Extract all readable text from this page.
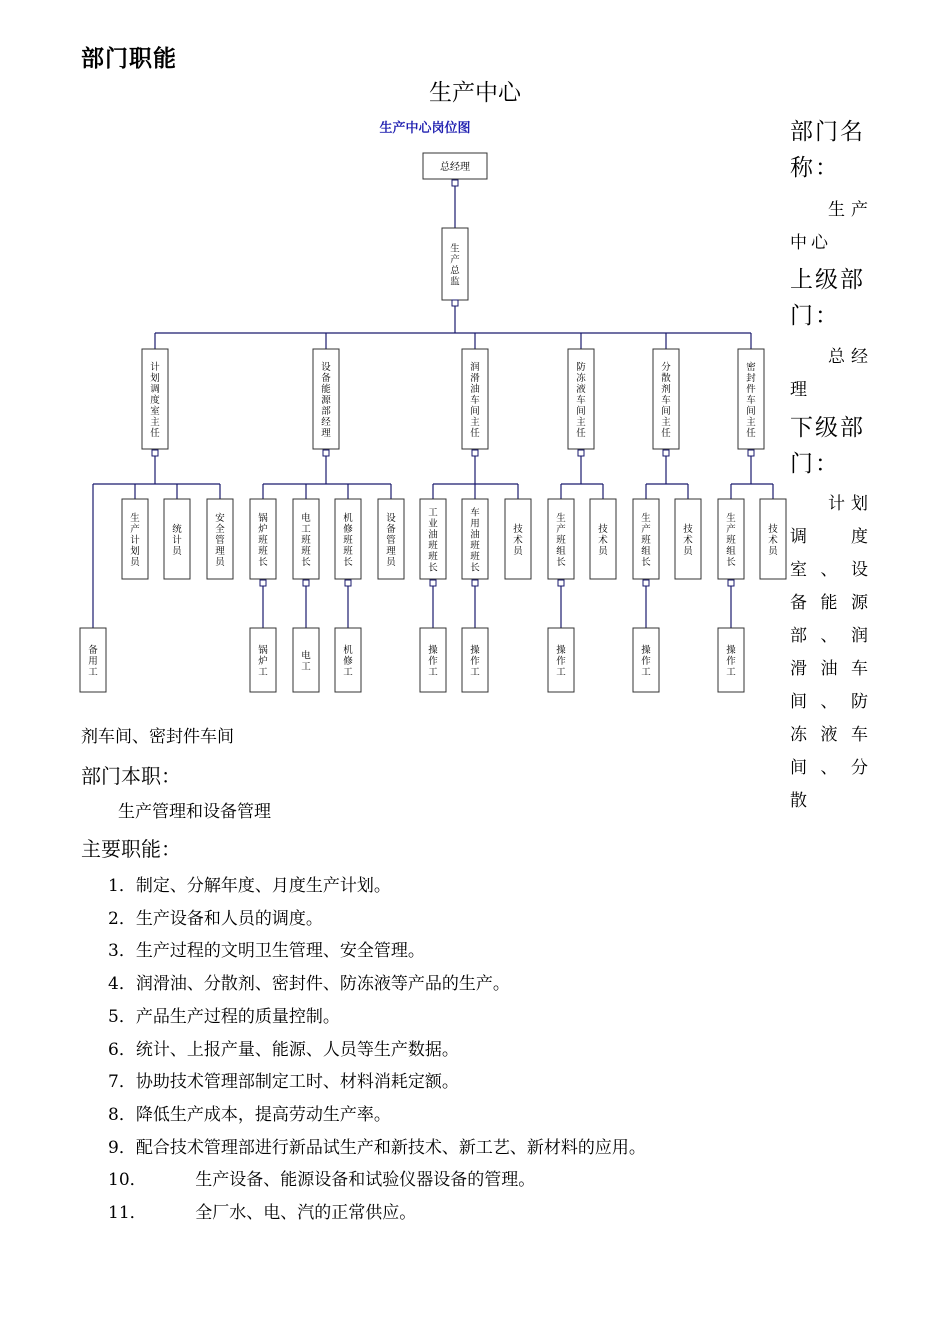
部门职能
生产中心
生产中心岗位图
总经理
生
产
总
监
计
划
调
度
室
主
任
设
备
能
源
部
经
理
润
滑
油
车
间
主
任
防
冻
液
车
间
主
任
分
散
剂
车
间
主
任
密
封
件
车
间
主
任
生
产
计
划
员
统
计
员
安
全
管
理
员
锅
炉
班
班
长
电
工
班
班
长
机
修
班
班
长
设
备
管
理
员
工
业
油
班
班
长
车
用
油
班
班
长
技
术
员
生
产
班
组
长
技
术
员
生
产
班
组
长
技
术
员
生
产
班
组
长
技
术
员
备
用
工
锅
炉
工
电
工
机
修
工
操
作
工
操
作
工
操
作
工
操
作
工
操
作
工
部门名称：
生产中心
上级部门：
总经理
下级部门：
计划调度室、设备能源部、润滑油车间、防冻液车间、分散
剂车间、密封件车间
部门本职：
生产管理和设备管理
主要职能：
1．制定、分解年度、月度生产计划。
2．生产设备和人员的调度。
3．生产过程的文明卫生管理、安全管理。
4．润滑油、分散剂、密封件、防冻液等产品的生产。
5．产品生产过程的质量控制。
6．统计、上报产量、能源、人员等生产数据。
7．协助技术管理部制定工时、材料消耗定额。
8．降低生产成本，提高劳动生产率。
9．配合技术管理部进行新品试生产和新技术、新工艺、新材料的应用。
10．         生产设备、能源设备和试验仪器设备的管理。
11．         全厂水、电、汽的正常供应。
